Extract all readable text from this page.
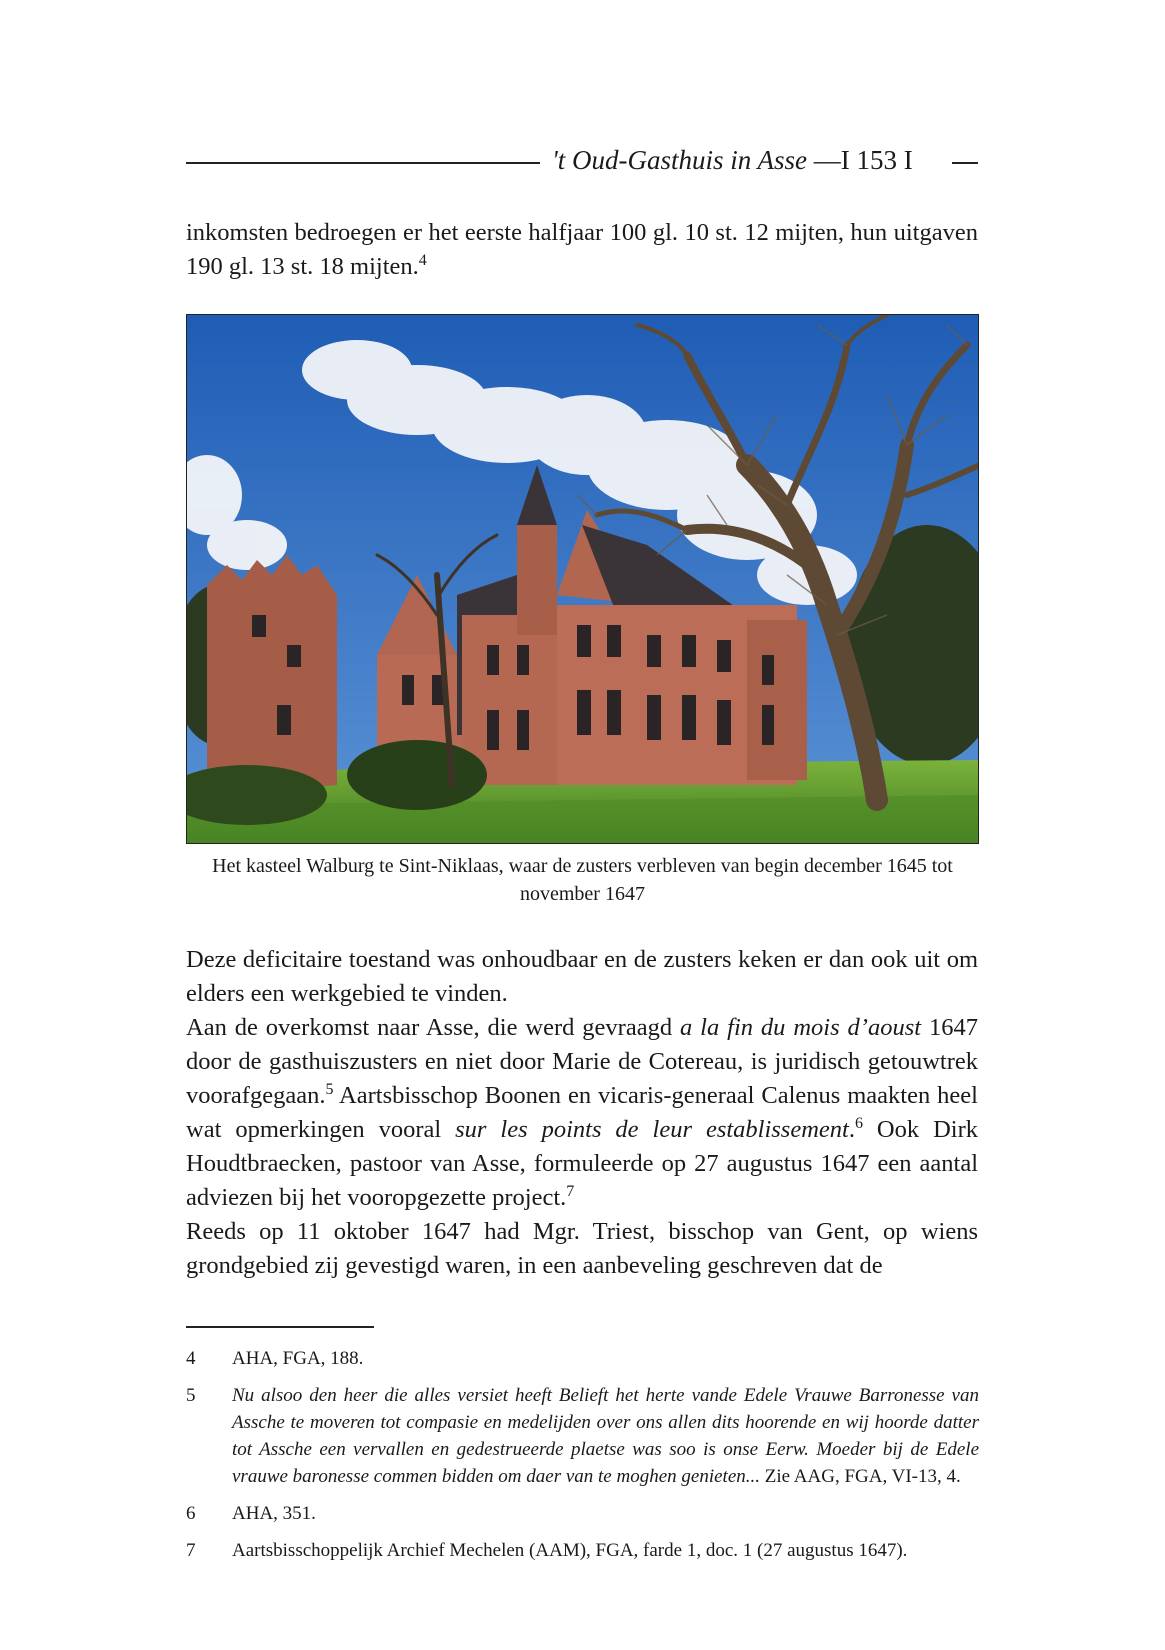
't Oud-Gasthuis in Asse —I 153 I

inkomsten bedroegen er het eerste halfjaar 100 gl. 10 st. 12 mijten, hun uitgaven 190 gl. 13 st. 18 mijten.$^4$

Het kasteel Walburg te Sint-Niklaas, waar de zusters verbleven van begin december 1645 tot november 1647

Deze deficitaire toestand was onhoudbaar en de zusters keken er dan ook uit om elders een werkgebied te vinden.

Aan de overkomst naar Asse, die werd gevraagd a la fin du mois d’aoust 1647 door de gasthuiszusters en niet door Marie de Cotereau, is juridisch getouwtrek voorafgegaan.$^5$ Aartsbisschop Boonen en vicaris-generaal Calenus maakten heel wat opmerkingen vooral sur les points de leur establissement.$^6$ Ook Dirk Houdtbraecken, pastoor van Asse, formuleerde op 27 augustus 1647 een aantal adviezen bij het vooropgezette project.$^7$

Reeds op 11 oktober 1647 had Mgr. Triest, bisschop van Gent, op wiens grondgebied zij gevestigd waren, in een aanbeveling geschreven dat de

4	AHA, FGA, 188.
5	Nu alsoo den heer die alles versiet heeft Belieft het herte vande Edele Vrauwe Barronesse van Assche te moveren tot compasie en medelijden over ons allen dits hoorende en wij hoorde datter tot Assche een vervallen en gedestrueerde plaetse was soo is onse Eerw. Moeder bij de Edele vrauwe baronesse commen bidden om daer van te moghen genieten... Zie AAG, FGA, VI-13, 4.
6	AHA, 351.
7	Aartsbisschoppelijk Archief Mechelen (AAM), FGA, farde 1, doc. 1 (27 augustus 1647).
